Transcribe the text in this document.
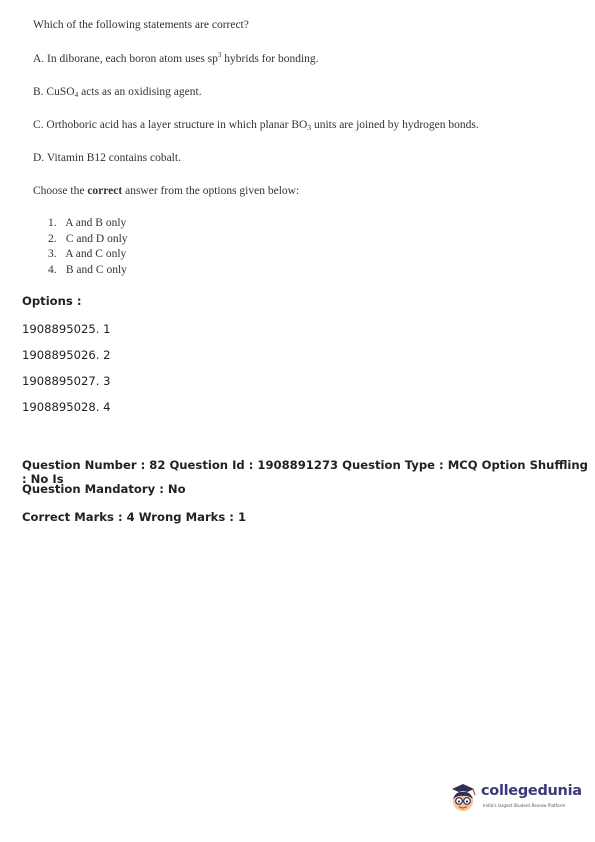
Which of the following statements are correct?

A. In diborane, each boron atom uses $sp^3$ hybrids for bonding.

B. CuSO$_4$ acts as an oxidising agent.

C. Orthoboric acid has a layer structure in which planar $BO_3$ units are joined by hydrogen bonds.

D. Vitamin B12 contains cobalt.

Choose the correct answer from the options given below:

1. A and B only
2. C and D only
3. A and C only
4. B and C only
Options :
1908895025. 1
1908895026. 2
1908895027. 3
1908895028. 4
Question Number : 82 Question Id : 1908891273 Question Type : MCQ Option Shuffling : No Is
Question Mandatory : No
Correct Marks : 4 Wrong Marks : 1
collegedunia
India's largest Student Review Platform
